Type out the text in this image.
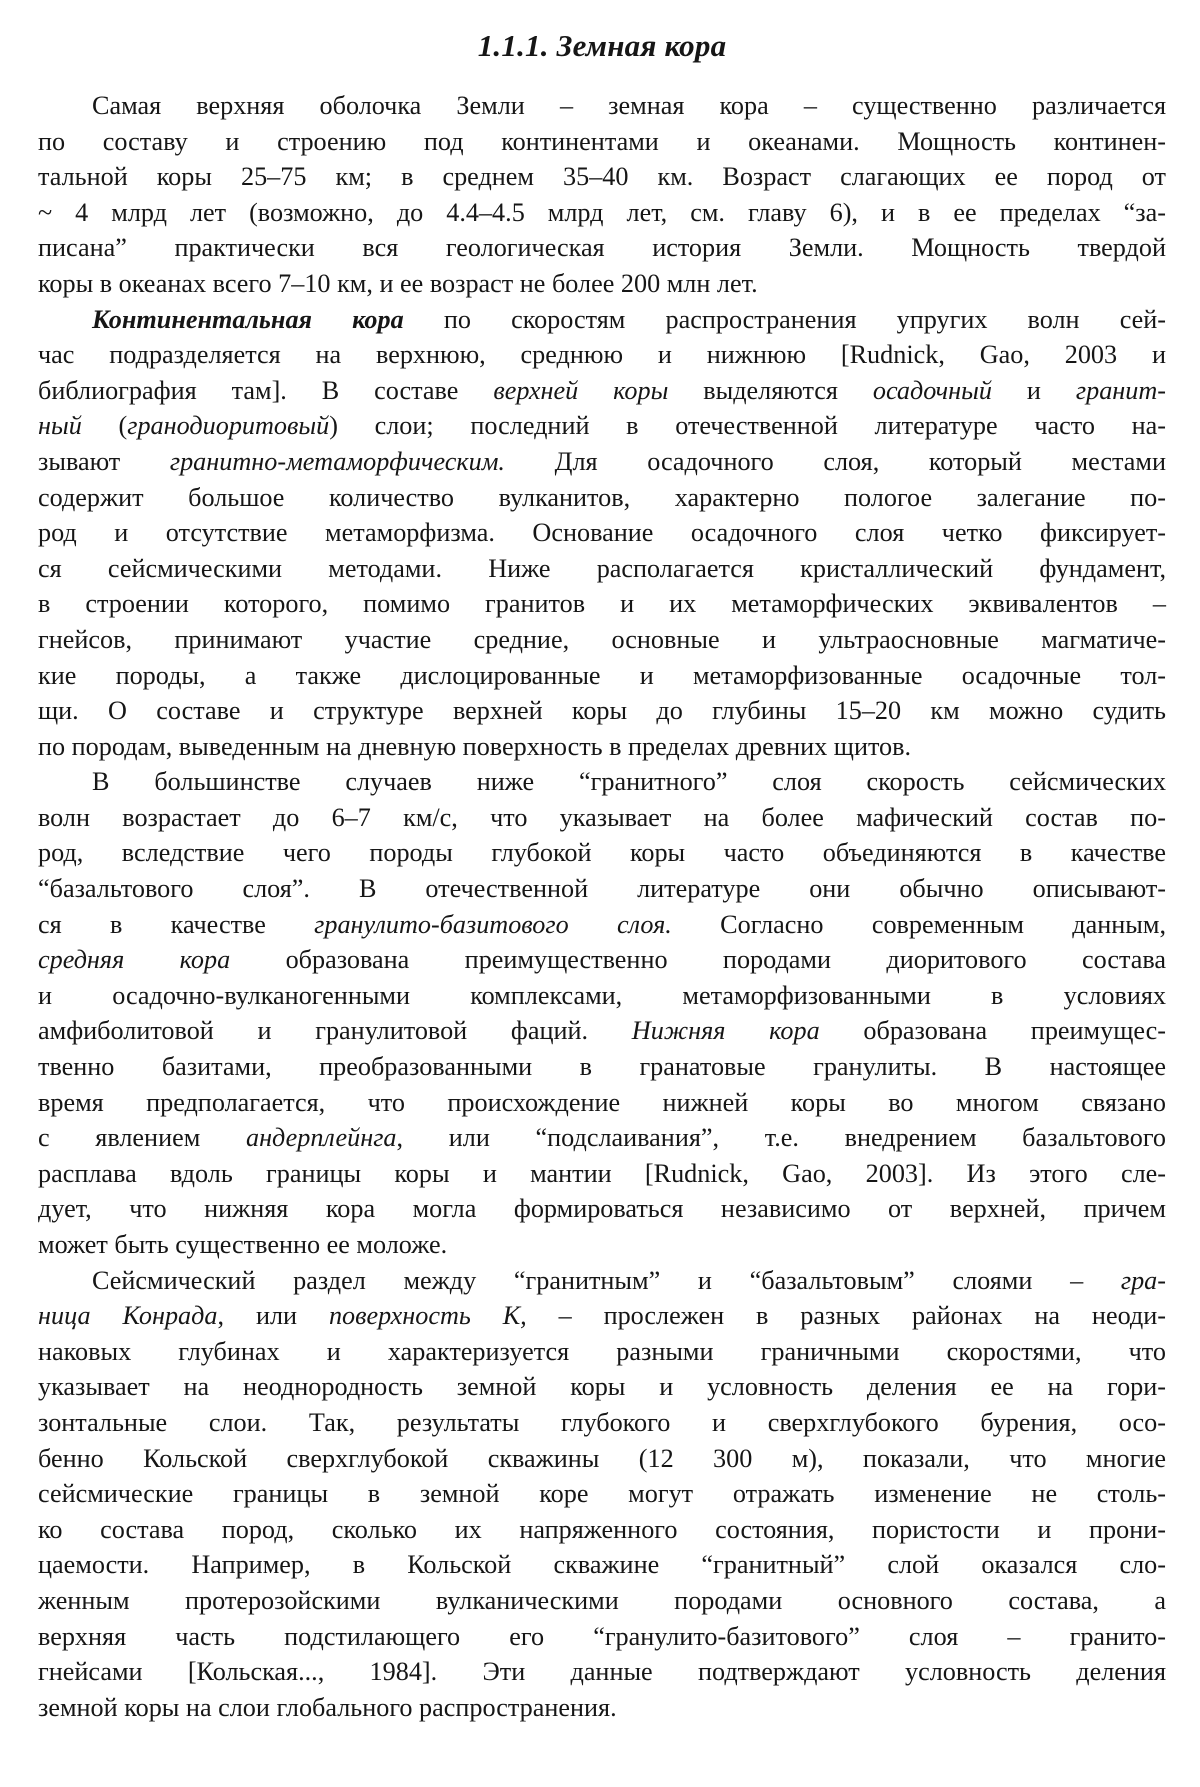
1.1.1. Земная кора
Самая верхняя оболочка Земли – земная кора – существенно различается
по составу и строению под континентами и океанами. Мощность континен-
тальной коры 25–75 км; в среднем 35–40 км. Возраст слагающих ее пород от
~ 4 млрд лет (возможно, до 4.4–4.5 млрд лет, см. главу 6), и в ее пределах “за-
писана” практически вся геологическая история Земли. Мощность твердой
коры в океанах всего 7–10 км, и ее возраст не более 200 млн лет.
Континентальная кора по скоростям распространения упругих волн сей-
час подразделяется на верхнюю, среднюю и нижнюю [Rudnick, Gao, 2003 и
библиография там]. В составе верхней коры выделяются осадочный и гранит-
ный (гранодиоритовый) слои; последний в отечественной литературе часто на-
зывают гранитно-метаморфическим. Для осадочного слоя, который местами
содержит большое количество вулканитов, характерно пологое залегание по-
род и отсутствие метаморфизма. Основание осадочного слоя четко фиксирует-
ся сейсмическими методами. Ниже располагается кристаллический фундамент,
в строении которого, помимо гранитов и их метаморфических эквивалентов –
гнейсов, принимают участие средние, основные и ультраосновные магматиче-
кие породы, а также дислоцированные и метаморфизованные осадочные тол-
щи. О составе и структуре верхней коры до глубины 15–20 км можно судить
по породам, выведенным на дневную поверхность в пределах древних щитов.
В большинстве случаев ниже “гранитного” слоя скорость сейсмических
волн возрастает до 6–7 км/с, что указывает на более мафический состав по-
род, вследствие чего породы глубокой коры часто объединяются в качестве
“базальтового слоя”. В отечественной литературе они обычно описывают-
ся в качестве гранулито-базитового слоя. Согласно современным данным,
средняя кора образована преимущественно породами диоритового состава
и осадочно-вулканогенными комплексами, метаморфизованными в условиях
амфиболитовой и гранулитовой фаций. Нижняя кора образована преимущес-
твенно базитами, преобразованными в гранатовые гранулиты. В настоящее
время предполагается, что происхождение нижней коры во многом связано
с явлением андерплейнга, или “подслаивания”, т.е. внедрением базальтового
расплава вдоль границы коры и мантии [Rudnick, Gao, 2003]. Из этого сле-
дует, что нижняя кора могла формироваться независимо от верхней, причем
может быть существенно ее моложе.
Сейсмический раздел между “гранитным” и “базальтовым” слоями – гра-
ница Конрада, или поверхность К, – прослежен в разных районах на неоди-
наковых глубинах и характеризуется разными граничными скоростями, что
указывает на неоднородность земной коры и условность деления ее на гори-
зонтальные слои. Так, результаты глубокого и сверхглубокого бурения, осо-
бенно Кольской сверхглубокой скважины (12 300 м), показали, что многие
сейсмические границы в земной коре могут отражать изменение не столь-
ко состава пород, сколько их напряженного состояния, пористости и прони-
цаемости. Например, в Кольской скважине “гранитный” слой оказался сло-
женным протерозойскими вулканическими породами основного состава, а
верхняя часть подстилающего его “гранулито-базитового” слоя – гранито-
гнейсами [Кольская..., 1984]. Эти данные подтверждают условность деления
земной коры на слои глобального распространения.
